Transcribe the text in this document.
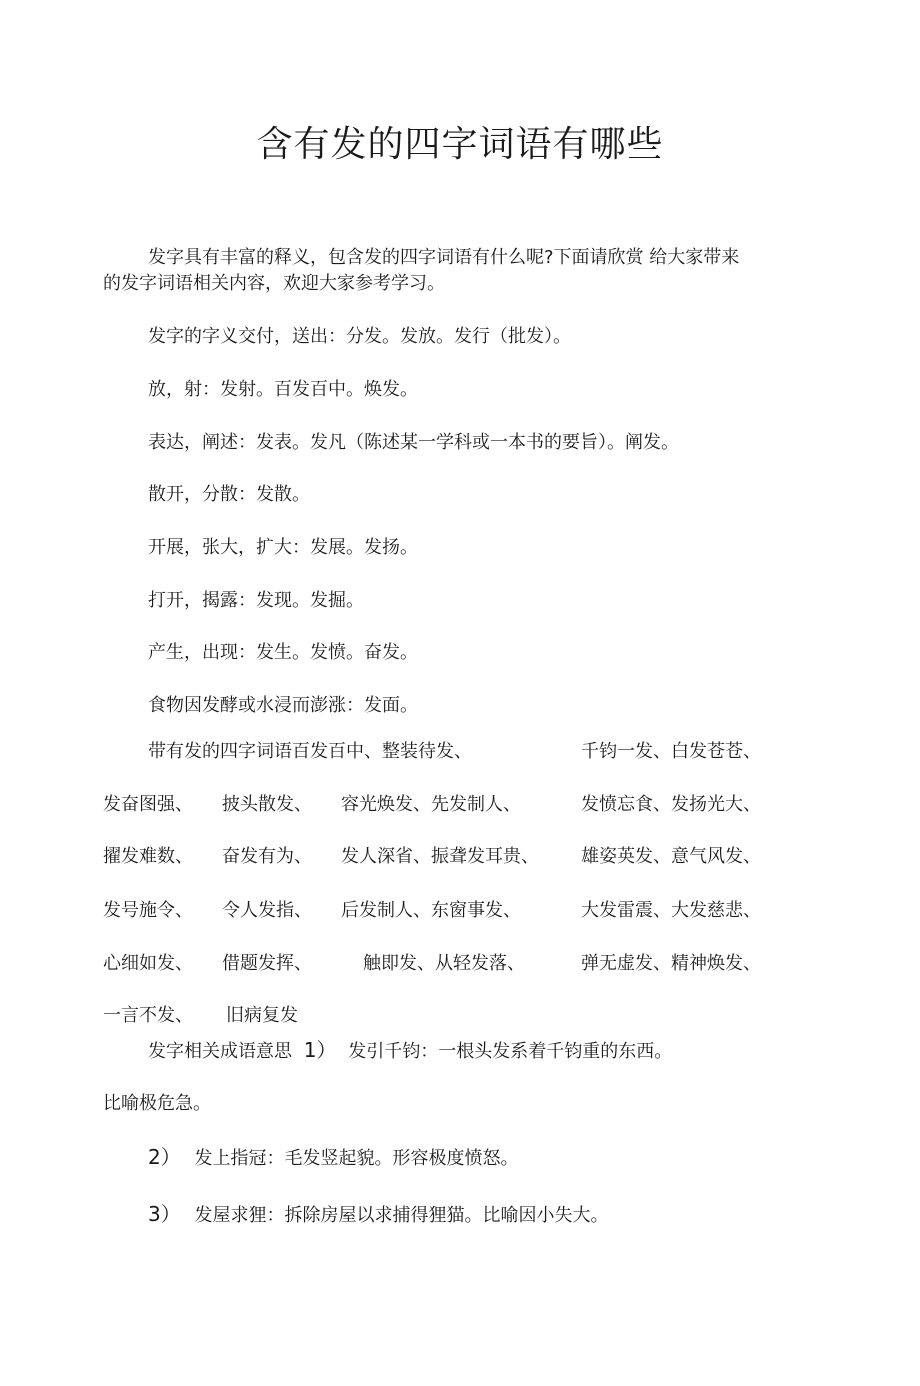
含有发的四字词语有哪些
发字具有丰富的释义，包含发的四字词语有什么呢?下面请欣赏 给大家带来
的发字词语相关内容，欢迎大家参考学习。
发字的字义交付，送出：分发。发放。发行（批发）。
放，射：发射。百发百中。焕发。
表达，阐述：发表。发凡（陈述某一学科或一本书的要旨）。阐发。
散开，分散：发散。
开展，张大，扩大：发展。发扬。
打开，揭露：发现。发掘。
产生，出现：发生。发愤。奋发。
食物因发酵或水浸而澎涨：发面。
带有发的四字词语百发百中、整装待发、	千钧一发、白发苍苍、
发奋图强、 披头散发、 容光焕发、先发制人、	发愤忘食、发扬光大、
擢发难数、 奋发有为、 发人深省、振聋发耳贵、 雄姿英发、意气风发、
发号施令、 令人发指、 后发制人、东窗事发、	大发雷震、大发慈悲、
心细如发、 借题发挥、	触即发、从轻发落、	弹无虚发、精神焕发、
一言不发、 旧病复发
发字相关成语意思 1） 发引千钧：一根头发系着千钧重的东西。
比喻极危急。
2） 发上指冠：毛发竖起貌。形容极度愤怒。
3） 发屋求狸：拆除房屋以求捕得狸猫。比喻因小失大。
